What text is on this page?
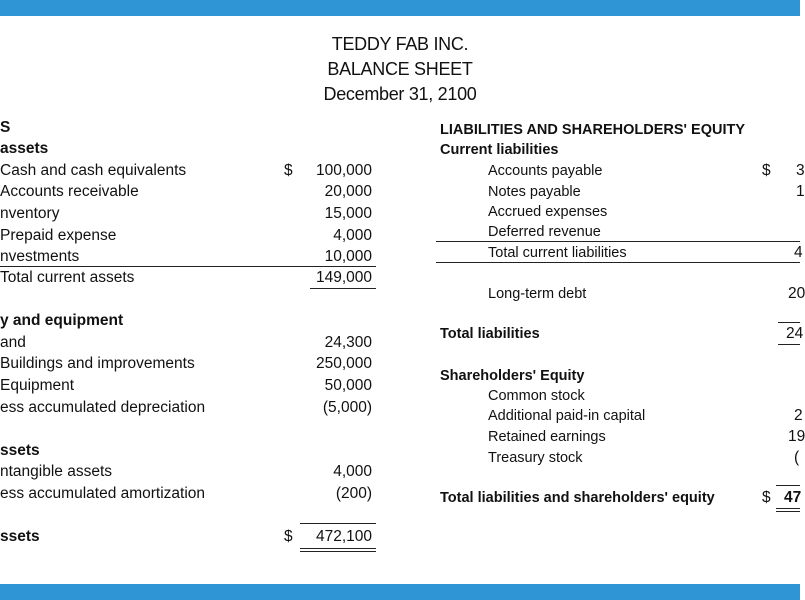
TEDDY FAB INC.
BALANCE SHEET
December 31, 2100
S
assets
Cash and cash equivalents	$ 100,000
Accounts receivable	20,000
nventory	15,000
Prepaid expense	4,000
nvestments	10,000
Total current assets	149,000
y and equipment
and	24,300
Buildings and improvements	250,000
Equipment	50,000
ess accumulated depreciation	(5,000)
ssets
ntangible assets	4,000
ess accumulated amortization	(200)
ssets	$ 472,100
LIABILITIES AND SHAREHOLDERS' EQUITY
Current liabilities
Accounts payable	$ 3
Notes payable	1
Accrued expenses
Deferred revenue
Total current liabilities	4
Long-term debt	20
Total liabilities	24
Shareholders' Equity
Common stock
Additional paid-in capital	2
Retained earnings	19
Treasury stock	(
Total liabilities and shareholders' equity	$ 47
